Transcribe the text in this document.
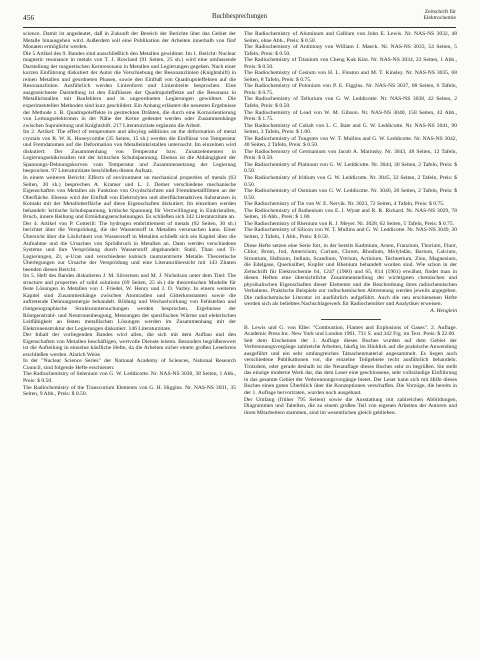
456	Buchbesprechungen
Zeitschrift für
Elektrochemie

science. Damit ist angedeutet, daß in Zukunft der Bereich der Berichte über das Gebiet der Metalle hinausgehen wird. Außerdem soll eine Publikation der Arbeiten innerhalb von fünf Monaten ermöglicht werden.

Die 5 Artikel des 9. Bandes sind ausschließlich den Metallen gewidmet. Im 1. Bericht: Nuclear magnetic resonance in metals von T. J. Rowland (91 Seiten, 25 sh.) wird eine umfassende Darstellung der magnetischen Kernresonanz in Metallen und Legierungen gegeben. Nach einer kurzen Einführung diskutiert der Autor die Verschiebung der Resonanzlinien (Knightshift) in reinen Metallen und geordneten Phasen, sowie den Einfluß von Quadrupoleffekten auf die Resonanzlinien. Ausführlich werden Linienform und Linienbreite besprochen. Eine ausgezeichnete Darstellung ist den Einflüssen der Quadrupoleffekte auf die Resonanz in Metallkristallen mit Baufehlern und in ungeordneten Legierungen gewidmet. Die experimentellen Methoden sind kurz geschildert. Ein Anhang erläutert die neuesten Ergebnisse der Methode z. B. Quadrupoleffekte in gestreckten Drähten, die durch eine Kornorientierung von Leitungselektronen in der Nähe der Kerne gedeutet werden oder Zusammenhänge zwischen Supraleitung und Knightshift. 217 Literaturzitate ergänzen die Arbeit.

Im 2. Artikel: The effect of temperature and alloying additions on the deformation of metal crystals von R. W. K. Honeycombe (35 Seiten, 15 sh.) werden die Einflüsse von Temperatur und Fremdatomen auf die Deformation von Metalleinkristallen untersucht. Im einzelnen wird diskutiert: Der Zusammenhang von Temperatur bzw. Zusatzelementen in Legierungseinkristallen mit der kritischen Schubspannung. Ebenso ist die Abhängigkeit der Spannungs-Dehnungskurven vom Temperatur und Zusammensetzung der Legierung besprochen. 97 Literaturzitate beschließen diesen Aufsatz.

In einem weiteren Bericht: Effects of environment on mechanical properties of metals (63 Seiten, 20 sh.) besprechen A. Kramer und L. J. Demer verschiedene mechanische Eigenschaften von Metallen als Funktion von Oxydschichten und Fremdmetallfilmen an der Oberfläche. Ebenso wird der Einfluß von Elektrolyten und oberflächenaktiven Substanzen in Kontakt mit der Metalloberfläche auf diese Eigenschaften diskutiert. Im einzelnen werden behandelt: kritische Schubspannung, kritische Spannung für Verzwillingung in Einkristallen, Bruch, innere Reibung und Ermüdungserscheinungen. Es schließen sich 342 Literaturzitate an.

Der 4. Artikel von P. Cotterill: The hydrogen embrittlement of metals (92 Seiten, 30 sh.) berichtet über die Versprödung, die der Wasserstoff in Metallen verursachen kann. Einer Übersicht über die Löslichkeit von Wasserstoff in Metallen schließt sich ein Kapitel über die Aufnahme und die Ursachen von Sprödbruch in Metallen an. Dann werden verschiedene Systeme und ihre Versprödung durch Wasserstoff abgehandelt: Stahl, Titan und Ti-Legierungen, Zr, α-Uran und verschiedene kubisch raumzentrierte Metalle. Theoretische Überlegungen zur Ursache der Versprödung und eine Literaturübersicht mit 143 Zitaten beenden diesen Bericht.

Im 5. Heft des Bandes diskutieren J. M. Silvertsen und M. J. Nicholson unter dem Titel: The structure and properties of solid solutions (69 Seiten, 25 sh.) die theoretischen Modelle für feste Lösungen in Metallen von J. Friedel, W. Henry und J. O. Varley. In einem weiteren Kapitel sind Zusammenhänge zwischen Atomradien und Gitterkonstanten sowie die auftretende Dehnungsenergie behandelt. Bildung und Wechselwirkung von Fehlstellen und röntgenographische Strukturuntersuchungen werden besprochen. Ergebnisse der Röntgenstrahl- und Neutronenbeugung, Messungen der spezifischen Wärme und elektrischen Leitfähigkeit an festen metallischen Lösungen werden im Zusammenhang mit der Elektronenstruktur der Legierungen diskutiert. 146 Literaturzitate.

Der Inhalt der vorliegenden Bandes wird allen, die sich mit dem Aufbau und den Eigenschaften von Metallen beschäftigen, wertvolle Dienste leisten. Besonders begrüßenswert ist die Aufteilung in einzelne käufliche Hefte, da die Arbeiten sicher einem großen Leserkreis erschließen werden. Alarich Weiss

In der "Nuclear Science Series" der National Academy of Sciences, National Research Council, sind folgende Hefte erschienen:

The Radiochemistry of Selenium von G. W. Leddicotte. Nr. NAS-NS 3030, 38 Seiten, 1 Abb., Preis: $ 0.50.

The Radiochemistry of the Transcurium Elements von G. H. Higgins. Nr. NAS-NS 3031, 35 Seiten, 9 Abb., Preis: $ 0.50.

The Radiochemistry of Aluminum and Gallium von John E. Lewis. Nr. NAS-NS 3032, 48 Seiten, ohne Abb., Preis: $ 0.50.

The Radiochemistry of Antimony von William J. Maeck. Nr. NAS-NS 3033, 54 Seiten, 5 Tafeln, Preis: $ 0.50.

The Radiochemistry of Titanium von Cheng Kuk Kim. Nr. NAS-NS 3034, 23 Seiten, 1 Abb., Preis: $ 0.50.

The Radiochemistry of Cesium von H. L. Finston and M. T. Kinsley. Nr. NAS-NS 3035, 68 Seiten, 8 Tafeln, Preis: $ 0.75.

The Radiochemistry of Polonium von P. E. Figgins. Nr. NAS-NS 3037, 68 Seiten, 6 Tafeln, Preis: $ 0.75.

The Radiochemistry of Tellurium von G. W. Leddicotte. Nr. NAS-NS 3038, 42 Seiten, 2 Tafeln, Preis: $ 0.50.

The Radiochemistry of Lead von W. M. Gibson. Nr. NAS-NS 3040, 158 Seiten, 42 Abb., Preis: $ 1.75.

The Radiochemistry of Cobalt von L. C. Bate and G. W. Leddicotte. Nr. NAS-NS 3041, 90 Seiten, 3 Tafeln, Preis: $ 1.00.

The Radiochemistry of Tungsten von W. T. Mullins and G. W. Leddicotte. Nr. NAS-NS 3042, 40 Seiten, 2 Tafeln, Preis: $ 0.50.

The Radiochemistry of Germanium von Jacob A. Marinsky. Nr. 3043, 48 Seiten, 12 Tafeln, Preis: $ 0.50.

The Radiochemistry of Platinum von G. W. Leddicotte. Nr. 3044, 30 Seiten, 2 Tafeln, Preis: $ 0.50.

The Radiochemistry of Iridium von G. W. Leddicotte. Nr. 3045, 32 Seiten, 2 Tafeln, Preis: $ 0.50.

The Radiochemistry of Osmium von G. W. Leddicotte. Nr. 3046, 20 Seiten, 2 Tafeln, Preis: $ 0.50.

The Radiochemistry of Tin von W. E. Nervik. Nr. 3023, 72 Seiten, 4 Tafeln, Preis: $ 0.75.

The Radiochemistry of Ruthenium von E. I. Wyatt and R. R. Rickard. Nr. NAS-NS 3029, 78 Seiten, 16 Abb., Preis: $ 1.00.

The Radiochemistry of Rhenium von R. J. Meyer. Nr. 3028, 62 Seiten, 5 Tafeln, Preis: $ 0.75.

The Radiochemistry of Silicon von W. T. Mullins and G. W. Leddicotte. Nr. NAS-NS 3049, 30 Seiten, 2 Tafeln, 1 Abb., Preis: $ 0.50.

Diese Hefte setzen eine Serie fort, in der bereits Kadmium, Arsen, Franzium, Thorium, Fluor, Chlor, Brom, Jod, Americium, Curium, Chrom, Rhodium, Molybdän, Barium, Calcium, Strontium, Hafnium, Indium, Scandium, Yttrium, Actinium, Technetium, Zinn, Magnesium, die Edelgase, Quecksilber, Kupfer und Rhenium behandelt worden sind. Wie schon in der Zeitschrift für Elektrochemie 64, 1247 (1960) und 65, 814 (1961) erwähnt, findet man in diesen Heften eine übersichtliche Zusammenstellung der wichtigsten chemischen und physikalischen Eigenschaften dieser Elemente und die Beschreibung ihres radiochemischen Verhaltens. Praktische Beispiele zur radiochemischen Abtrennung werden jeweils angegeben. Die radiochemische Literatur ist ausführlich aufgeführt. Auch die neu erschienenen Hefte werden sich als beliebtes Nachschlagewerk für Radiochemiker und Analytiker erweisen.

A. Henglein

B. Lewis und G. von Elbe: "Combustion, Flames and Explosions of Gases". 2. Auflage. Academic Press Inc. New York und London 1961. 731 S. und 342 Fig. im Text. Preis: $ 22.00.

Seit dem Erscheinen der 1. Auflage dieses Buches wurden auf dem Gebiet der Verbrennungsvorgänge zahlreiche Arbeiten, häufig im Hinblick auf die praktische Anwendung ausgeführt und ein sehr umfangreiches Tatsachenmaterial angesammelt. Es liegen auch verschiedene Publikationen vor, die einzelne Teilgebiete recht ausführlich behandeln. Trotzdem, oder gerade deshalb ist die Neuauflage dieses Buches sehr zu begrüßen. Sie stellt das einzige moderne Werk dar, das dem Leser eine geschlossene, sehr vollständige Einführung in das gesamte Gebiet der Verbrennungsvorgänge bietet. Der Leser kann sich mit Hilfe dieses Buches einen guten Überblick über die Konzeptionen verschaffen. Die Vorzüge, die bereits in der 1. Auflage hervortraten, wurden noch ausgebaut.

Der Umfang (früher 795 Seiten) sowie die Ausstattung mit zahlreichen Abbildungen, Diagrammen und Tabellen, die zu einem großen Teil von eigenen Arbeiten der Autoren und ihren Mitarbeitern stammen, sind im wesentlichen gleich geblieben.
